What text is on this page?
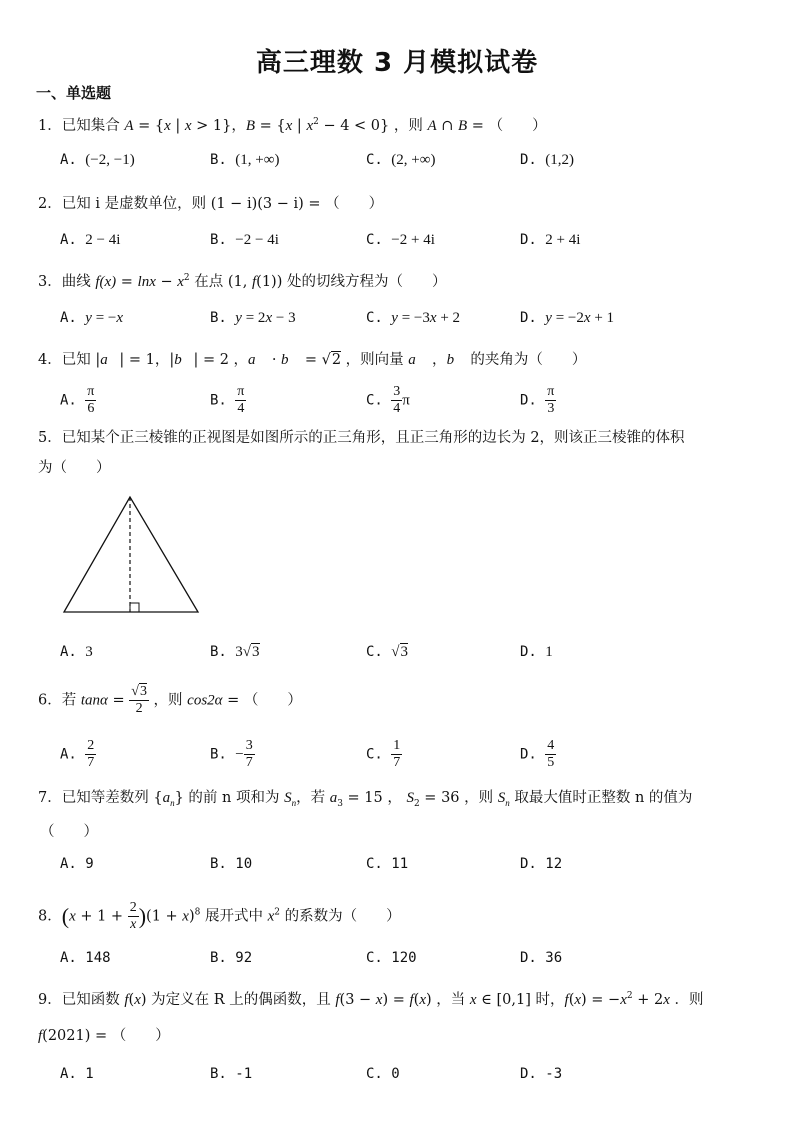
高三理数 3 月模拟试卷
一、单选题
1．已知集合 A = {x | x > 1}，B = {x | $x^2 - 4 < 0$} ，则 A ∩ B = （　　）
A. (−2, −1)	B. (1, +∞)	C. (2, +∞)	D. (1,2)
2．已知 i 是虚数单位，则 (1 − i)(3 − i) = （　　）
A. 2 − 4i	B. −2 − 4i	C. −2 + 4i	D. 2 + 4i
3．曲线 $f(x) = \ln x - x^2$ 在点 (1, f(1)) 处的切线方程为（　　）
A. y = −x	B. y = 2x − 3	C. y = −3x + 2	D. y = −2x + 1
4．已知 |a⃗| = 1，|b⃗| = 2 ，a⃗ · b⃗ = √2 ，则向量 a⃗ ，b⃗ 的夹角为（　　）
A. $\frac{\pi}{6}$	B. $\frac{\pi}{4}$	C. $\frac{3}{4}$ π	D. $\frac{\pi}{3}$
5．已知某个正三棱锥的正视图是如图所示的正三角形，且正三角形的边长为 2，则该正三棱锥的体积
为（　　）
A. 3	B. 3√3	C. √3	D. 1
6．若 $\tan\alpha = \frac{√3}{2}$ ，则 cos2α = （　　）
A. $\frac{2}{7}$	B. − $\frac{3}{7}$	C. $\frac{1}{7}$	D. $\frac{4}{5}$
7．已知等差数列 $\{a_n\}$ 的前 n 项和为 $S_n$，若 $a_3 = 15$ ， $S_2 = 36$ ，则 $S_n$ 取最大值时正整数 n 的值为
（　　）
A. 9	B. 10	C. 11	D. 12
8．$(x + 1 + \frac{2}{x} )(1 + x)^8$ 展开式中 $x^2$ 的系数为（　　）
A. 148	B. 92	C. 120	D. 36
9．已知函数 f(x) 为定义在 R 上的偶函数，且 f(3 − x) = f(x) ，当 x ∈ [0,1] 时，$f(x) = -x^2 + 2x$ ．则
f(2021) = （　　）
A. 1	B. -1	C. 0	D. -3
